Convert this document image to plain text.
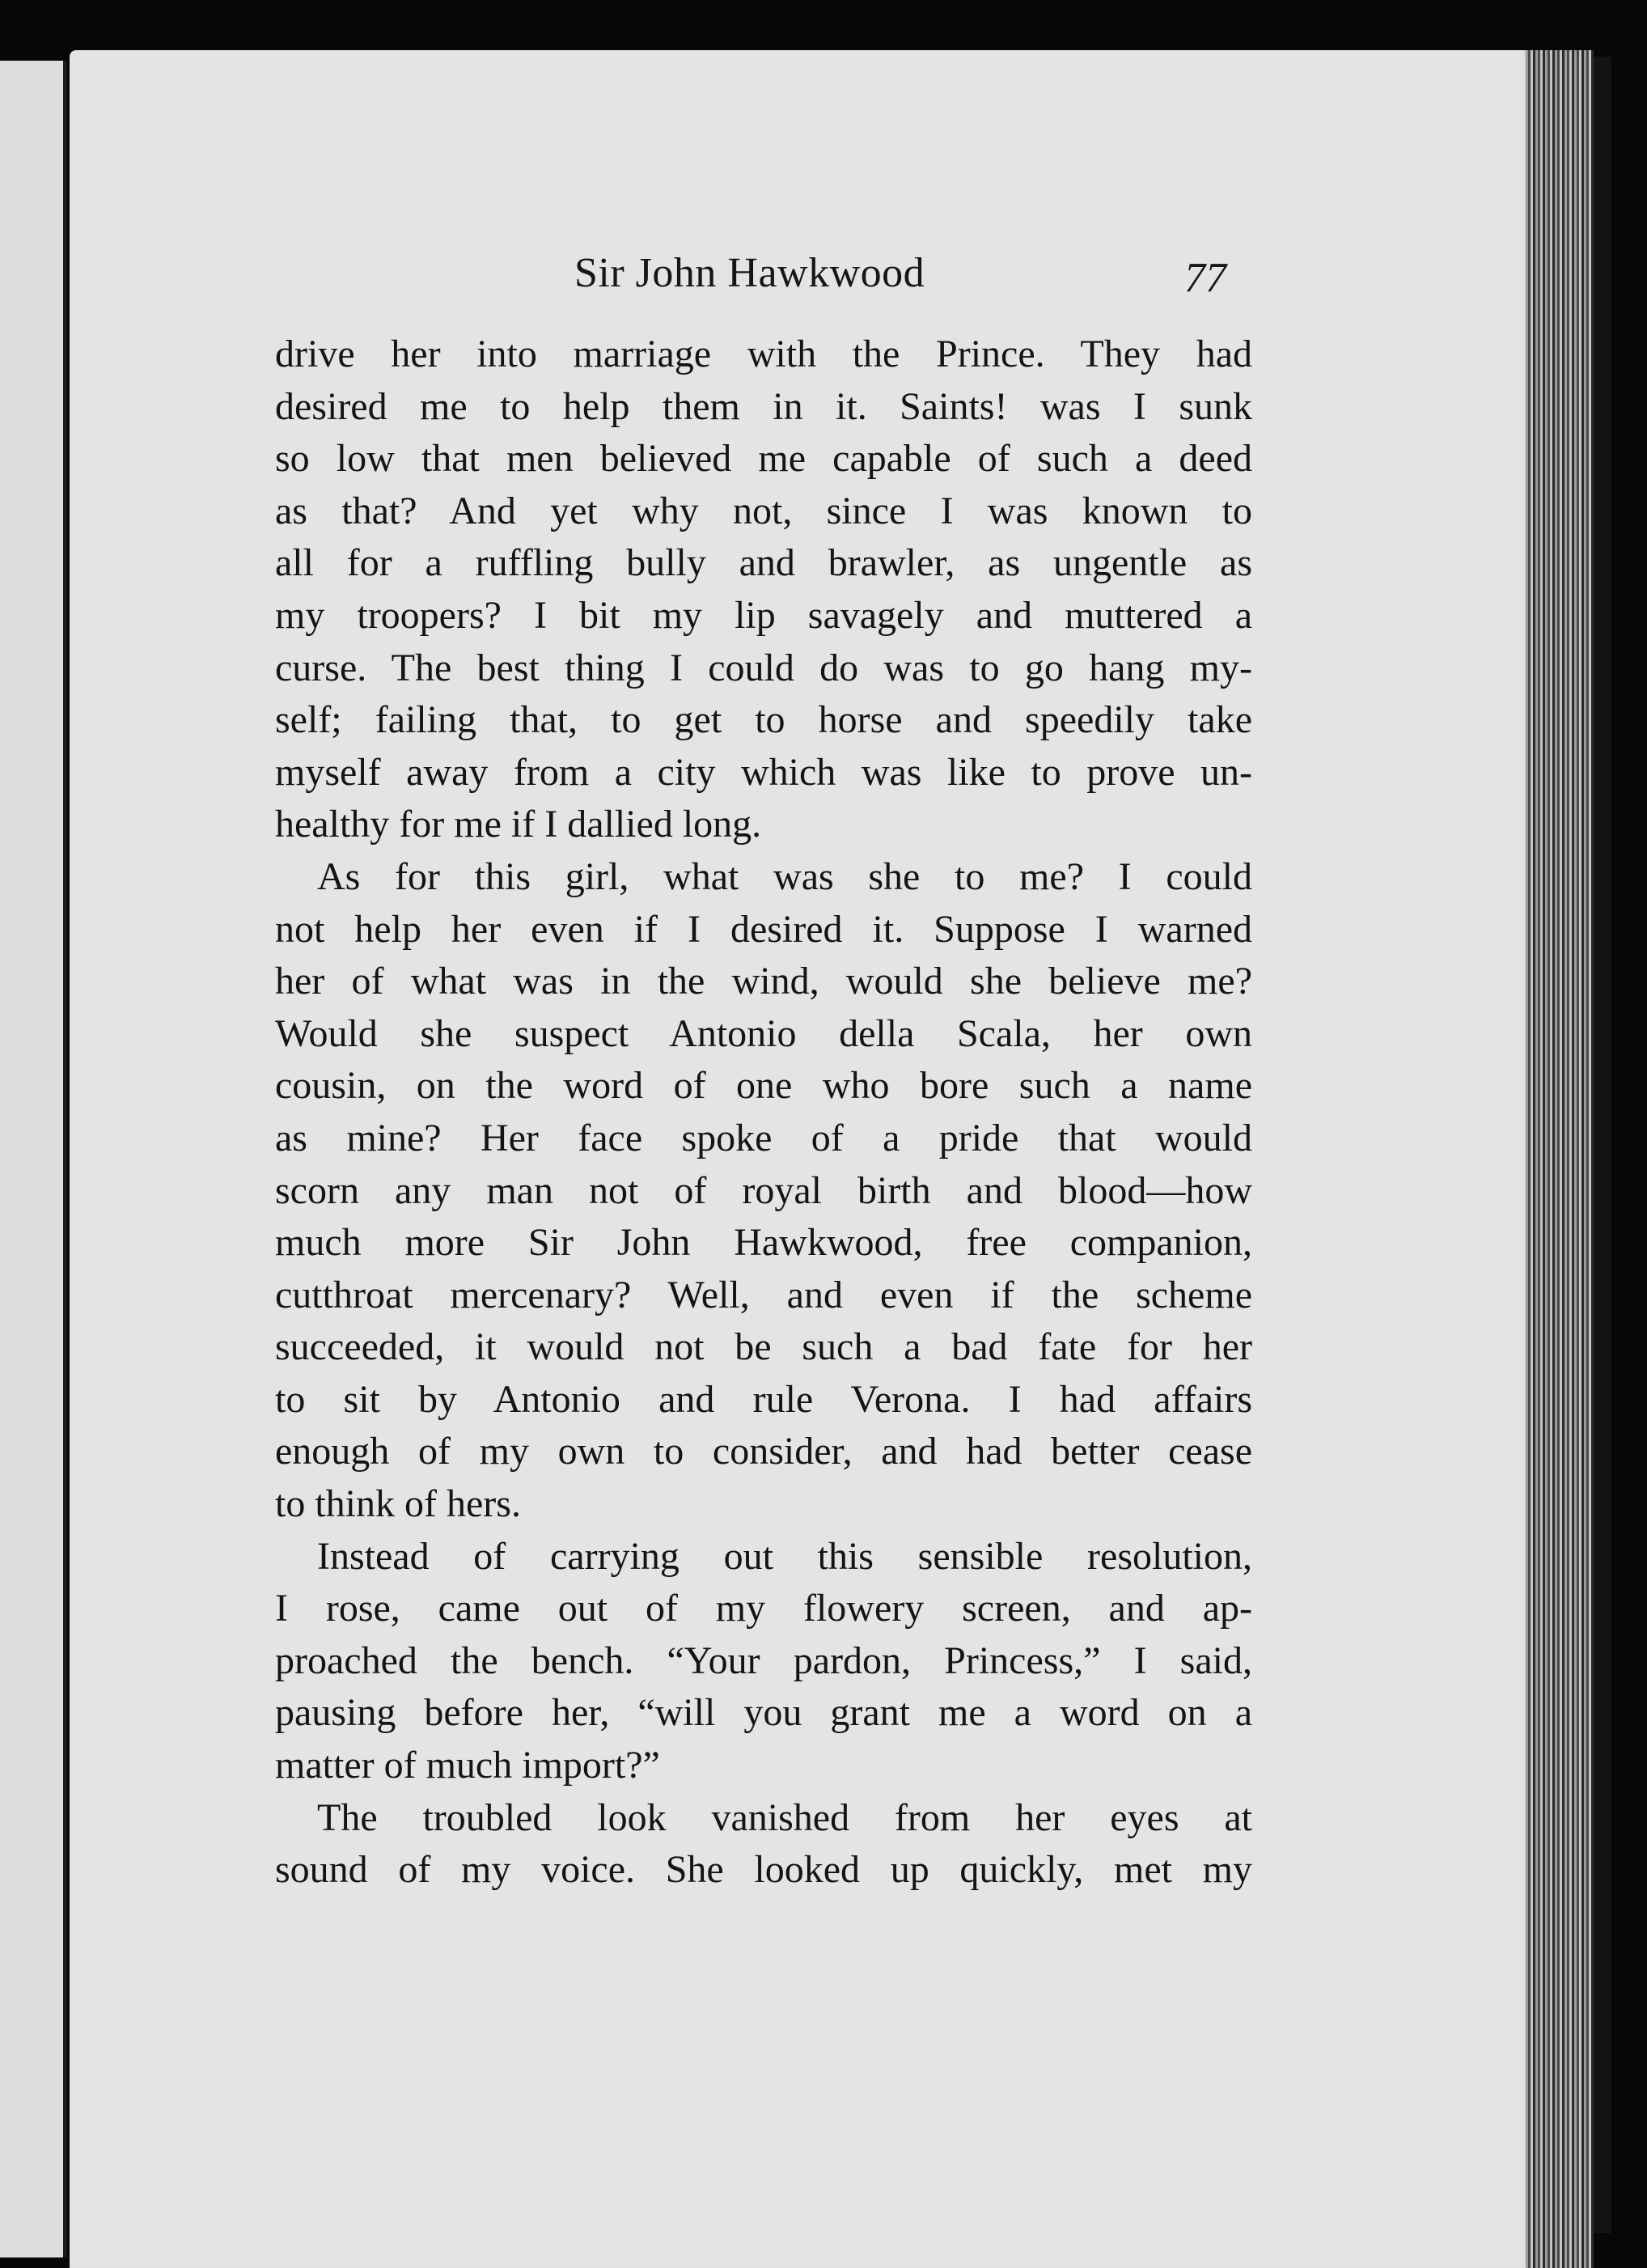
Sir John Hawkwood	77
drive her into marriage with the Prince. They had
desired me to help them in it. Saints! was I sunk
so low that men believed me capable of such a deed
as that? And yet why not, since I was known to
all for a ruffling bully and brawler, as ungentle as
my troopers? I bit my lip savagely and muttered a
curse. The best thing I could do was to go hang my-
self; failing that, to get to horse and speedily take
myself away from a city which was like to prove un-
healthy for me if I dallied long.
As for this girl, what was she to me? I could
not help her even if I desired it. Suppose I warned
her of what was in the wind, would she believe me?
Would she suspect Antonio della Scala, her own
cousin, on the word of one who bore such a name
as mine? Her face spoke of a pride that would
scorn any man not of royal birth and blood—how
much more Sir John Hawkwood, free companion,
cutthroat mercenary? Well, and even if the scheme
succeeded, it would not be such a bad fate for her
to sit by Antonio and rule Verona. I had affairs
enough of my own to consider, and had better cease
to think of hers.
Instead of carrying out this sensible resolution,
I rose, came out of my flowery screen, and ap-
proached the bench. “Your pardon, Princess,” I said,
pausing before her, “will you grant me a word on a
matter of much import?”
The troubled look vanished from her eyes at
sound of my voice. She looked up quickly, met my
